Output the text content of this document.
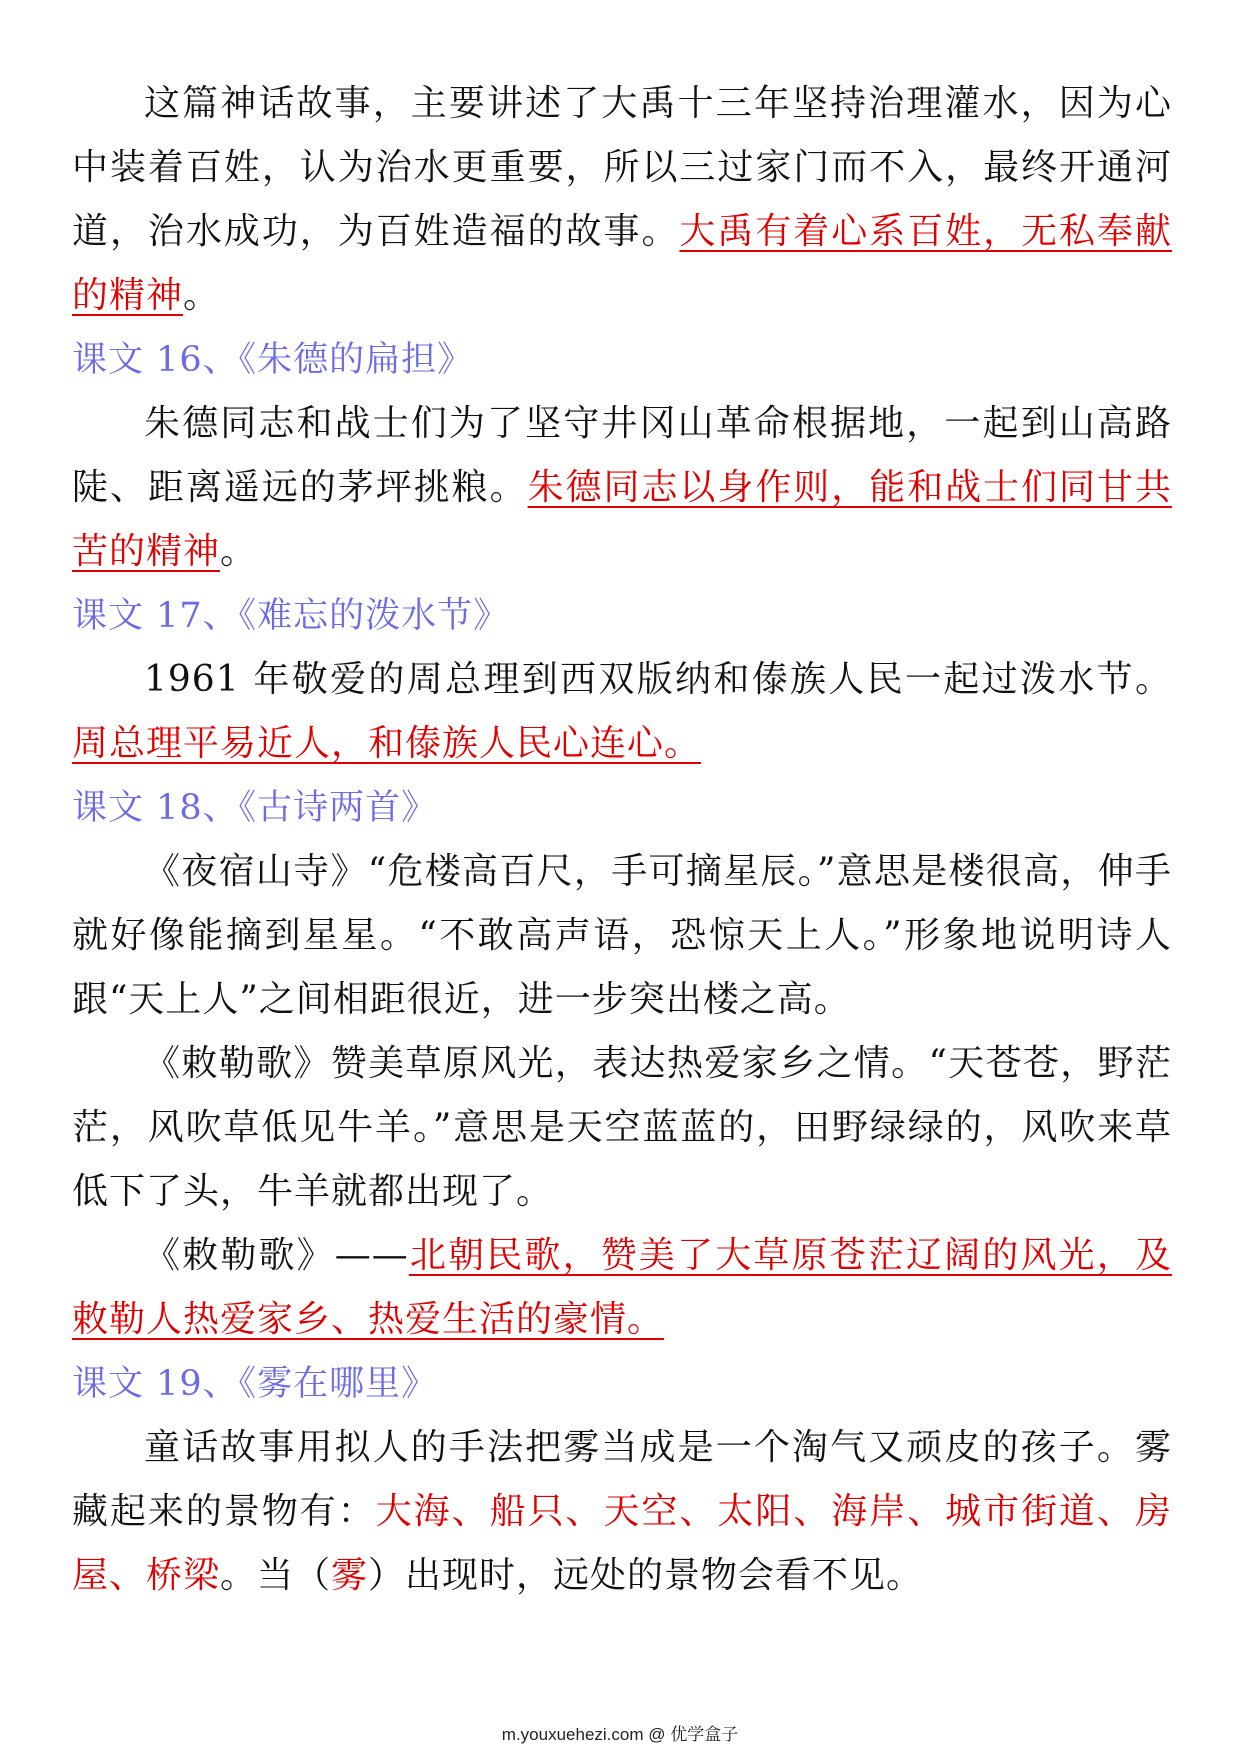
这篇神话故事，主要讲述了大禹十三年坚持治理灌水，因为心中装着百姓，认为治水更重要，所以三过家门而不入，最终开通河道，治水成功，为百姓造福的故事。大禹有着心系百姓，无私奉献的精神。

课文 16、《朱德的扁担》

朱德同志和战士们为了坚守井冈山革命根据地，一起到山高路陡、距离遥远的茅坪挑粮。朱德同志以身作则，能和战士们同甘共苦的精神。

课文 17、《难忘的泼水节》

1961 年敬爱的周总理到西双版纳和傣族人民一起过泼水节。周总理平易近人，和傣族人民心连心。

课文 18、《古诗两首》

《夜宿山寺》“危楼高百尺，手可摘星辰。”意思是楼很高，伸手就好像能摘到星星。“不敢高声语，恐惊天上人。”形象地说明诗人跟“天上人”之间相距很近，进一步突出楼之高。

《敕勒歌》赞美草原风光，表达热爱家乡之情。“天苍苍，野茫茫，风吹草低见牛羊。”意思是天空蓝蓝的，田野绿绿的，风吹来草低下了头，牛羊就都出现了。

《敕勒歌》——北朝民歌，赞美了大草原苍茫辽阔的风光，及敕勒人热爱家乡、热爱生活的豪情。

课文 19、《雾在哪里》

童话故事用拟人的手法把雾当成是一个淘气又顽皮的孩子。雾藏起来的景物有：大海、船只、天空、太阳、海岸、城市街道、房屋、桥梁。当（雾）出现时，远处的景物会看不见。

m.youxuehezi.com @ 优学盒子
